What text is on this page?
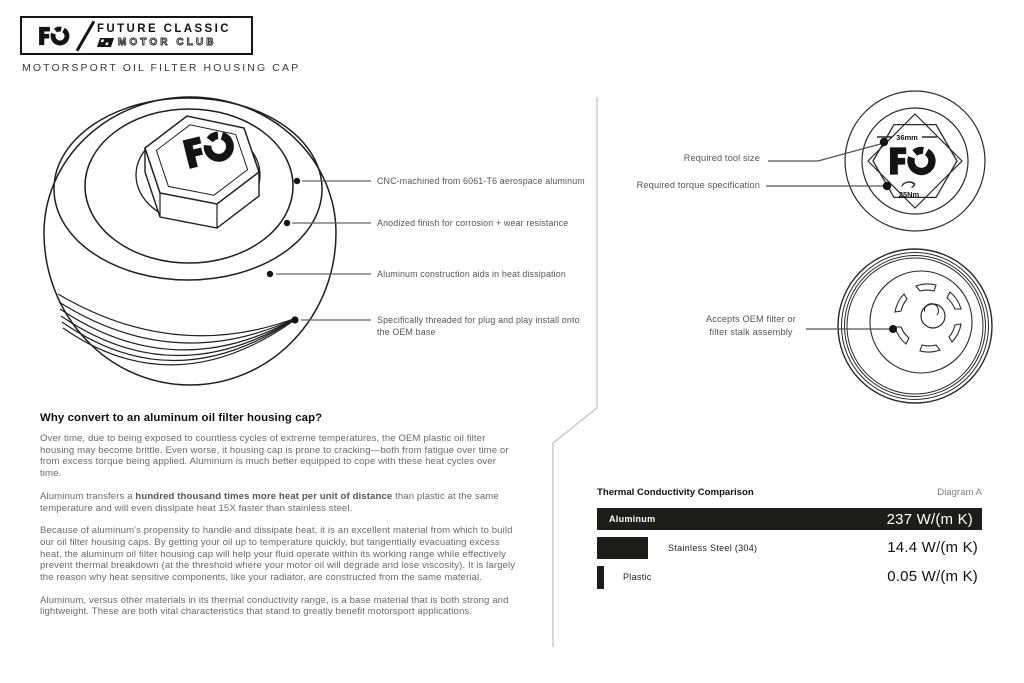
36mm
25Nm
FUTURE CLASSIC
MOTOR CLUB
MOTORSPORT OIL FILTER HOUSING CAP
CNC-machined from 6061-T6 aerospace aluminum
Anodized finish for corrosion + wear resistance
Aluminum construction aids in heat dissipation
Specifically threaded for plug and play install onto the OEM base
Required tool size
Required torque specification
Accepts OEM filter or
filter stalk assembly
Why convert to an aluminum oil filter housing cap?

Over time, due to being exposed to countless cycles of extreme temperatures, the OEM plastic oil filter housing may become brittle. Even worse, it housing cap is prone to cracking—both from fatigue over time or from excess torque being applied. Aluminum is much better equipped to cope with these heat cycles over time.

Aluminum transfers a hundred thousand times more heat per unit of distance than plastic at the same temperature and will even dissipate heat 15X faster than stainless steel.

Because of aluminum's propensity to handle and dissipate heat, it is an excellent material from which to build our oil filter housing caps. By getting your oil up to temperature quickly, but tangentially evacuating excess heat, the aluminum oil filter housing cap will help your fluid operate within its working range while effectively prevent thermal breakdown (at the threshold where your motor oil will degrade and lose viscosity). It is largely the reason why heat sensitive components, like your radiator, are constructed from the same material.

Aluminum, versus other materials in its thermal conductivity range, is a base material that is both strong and lightweight. These are both vital characteristics that stand to greatly benefit motorsport applications.

Thermal Conductivity Comparison	Diagram A
Aluminum	237 W/(m K)
Stainless Steel (304)	14.4 W/(m K)
Plastic	0.05 W/(m K)
